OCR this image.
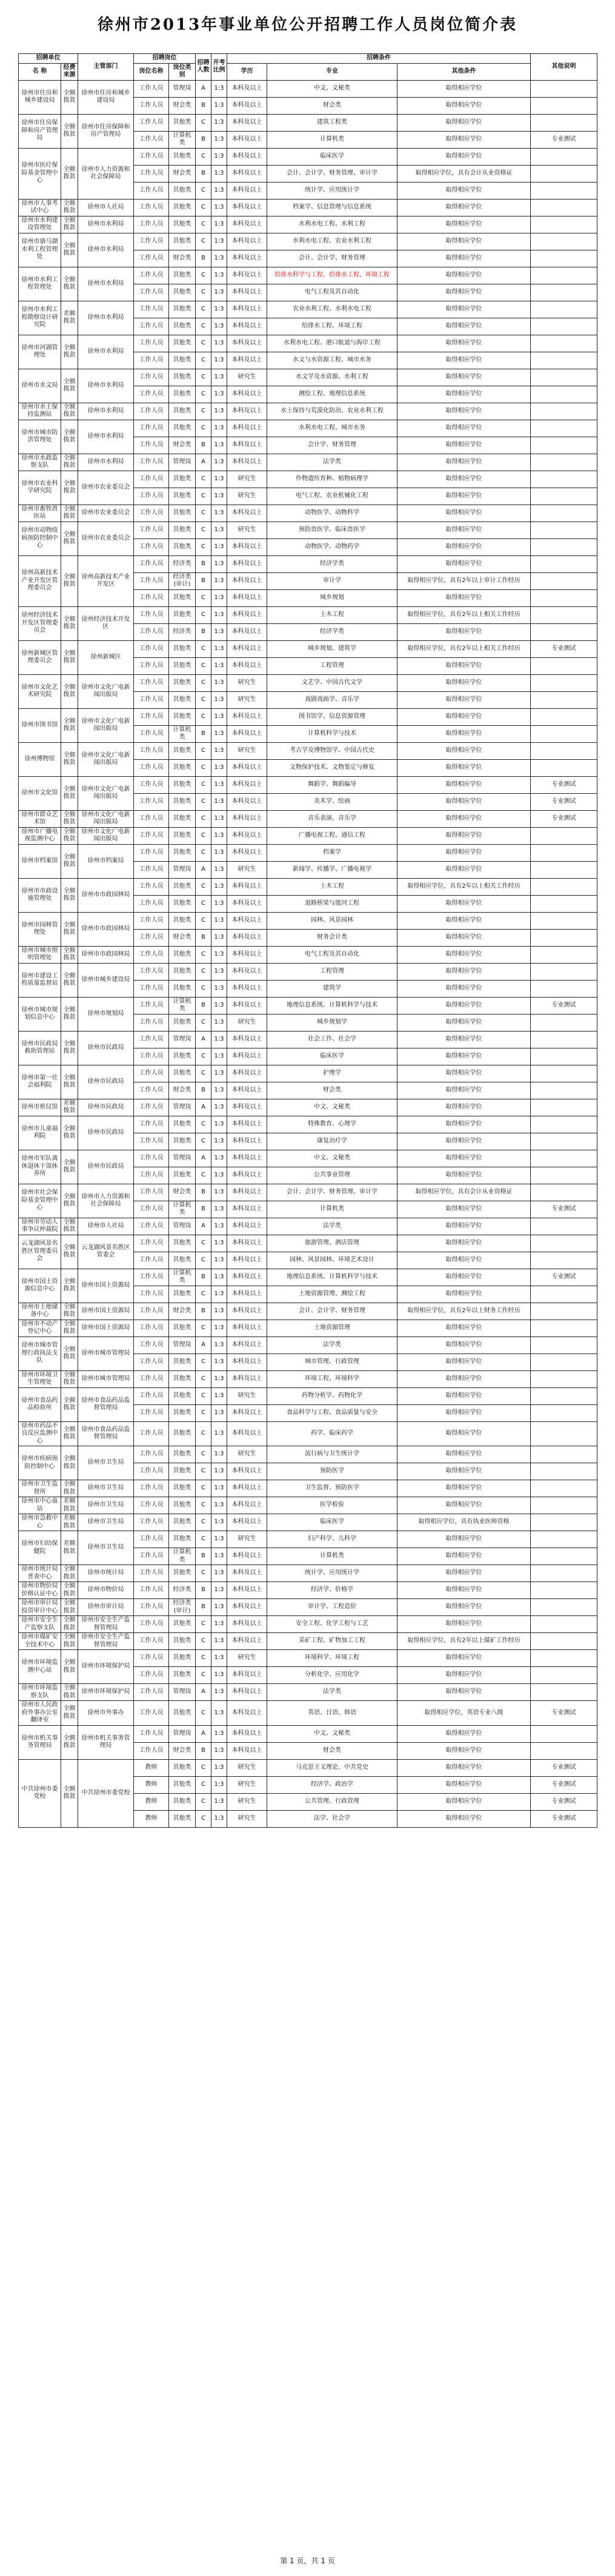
徐州市2013年事业单位公开招聘工作人员岗位简介表
招聘单位		主管部门	招聘岗位		招聘人数	开考比例	招聘条件			其他说明
名 称	经费来源		岗位名称	岗位类别			学历	专业	其他条件	
徐州市住房和城乡建设局	全额拨款	徐州市住房和城乡建设局	工作人员	管理岗	A	1:3	本科及以上	中文、文秘类	取得相应学位	
			工作人员	财会类	B	1:3	本科及以上	财会类	取得相应学位	
徐州市住房保障和房产管理局	全额拨款	徐州市住房保障和房产管理局	工作人员	其他类	C	1:3	本科及以上	建筑工程类	取得相应学位	
			工作人员	计算机类	B	1:3	本科及以上	计算机类	取得相应学位	专业测试
徐州市医疗保险基金管理中心	全额拨款	徐州市人力资源和社会保障局	工作人员	其他类	C	1:3	本科及以上	临床医学	取得相应学位	
			工作人员	财会类	B	1:3	本科及以上	会计、会计学、财务管理、审计学	取得相应学位，具有会计从业资格证	
			工作人员	其他类	C	1:3	本科及以上	统计学、应用统计学	取得相应学位	
徐州市人事考试中心	全额拨款	徐州市人社局	工作人员	其他类	C	1:3	本科及以上	档案学、信息管理与信息系统	取得相应学位	
徐州市水利建设管理处	全额拨款	徐州市水利局	工作人员	其他类	C	1:3	本科及以上	水利水电工程、水利工程	取得相应学位	
徐州市骆马湖水利工程管理处	全额拨款	徐州市水利局	工作人员	其他类	C	1:3	本科及以上	水利水电工程、农业水利工程	取得相应学位	
			工作人员	财会类	B	1:3	本科及以上	会计、会计学、财务管理	取得相应学位	
徐州市水利工程管理处	全额拨款	徐州市水利局	工作人员	其他类	C	1:3	本科及以上	给排水科学与工程、给排水工程、环境工程	取得相应学位	
			工作人员	其他类	C	1:3	本科及以上	电气工程及其自动化	取得相应学位	
徐州市水利工程勘察设计研究院	差额拨款	徐州市水利局	工作人员	其他类	C	1:3	本科及以上	农业水利工程、水利水电工程	取得相应学位	
			工作人员	其他类	C	1:3	本科及以上	给排水工程、环境工程	取得相应学位	
徐州市河湖管理处	全额拨款	徐州市水利局	工作人员	其他类	C	1:3	本科及以上	水利水电工程、港口航道与海岸工程	取得相应学位	
			工作人员	其他类	C	1:3	本科及以上	水文与水资源工程、城市水务	取得相应学位	
徐州市水文局	全额拨款	徐州市水利局	工作人员	其他类	C	1:3	研究生	水文学及水资源、水利工程	取得相应学位	
			工作人员	其他类	C	1:3	本科及以上	测绘工程、地理信息系统	取得相应学位	
徐州市水土保持监测站	全额拨款	徐州市水利局	工作人员	其他类	C	1:3	本科及以上	水土保持与荒漠化防治、农业水利工程	取得相应学位	
徐州市城市防洪管理处	全额拨款	徐州市水利局	工作人员	其他类	C	1:3	本科及以上	水利水电工程、城市水务	取得相应学位	
			工作人员	财会类	B	1:3	本科及以上	会计学、财务管理	取得相应学位	
徐州市水政监察支队	全额拨款	徐州市水利局	工作人员	管理岗	A	1:3	本科及以上	法学类	取得相应学位	
徐州市农业科学研究院	全额拨款	徐州市农业委员会	工作人员	其他类	C	1:3	研究生	作物遗传育种、植物病理学	取得相应学位	
			工作人员	其他类	C	1:3	研究生	电气工程、农业机械化工程	取得相应学位	
徐州市畜牧兽医站	全额拨款	徐州市农业委员会	工作人员	其他类	C	1:3	本科及以上	动物医学、动物科学	取得相应学位	
徐州市动物疫病预防控制中心	全额拨款	徐州市农业委员会	工作人员	其他类	C	1:3	研究生	预防兽医学、临床兽医学	取得相应学位	
			工作人员	其他类	C	1:3	本科及以上	动物医学、动物药学	取得相应学位	
徐州高新技术产业开发区管理委员会	全额拨款	徐州高新技术产业开发区	工作人员	经济类	B	1:3	本科及以上	经济学类	取得相应学位	
			工作人员	经济类(审计)	B	1:3	本科及以上	审计学	取得相应学位，具有2年以上审计工作经历	
			工作人员	其他类	C	1:3	本科及以上	城乡规划	取得相应学位	
徐州经济技术开发区管理委员会	全额拨款	徐州经济技术开发区	工作人员	其他类	C	1:3	本科及以上	土木工程	取得相应学位，具有2年以上相关工作经历	
			工作人员	经济类	B	1:3	本科及以上	经济学类	取得相应学位	
徐州新城区管理委员会	全额拨款	徐州新城区	工作人员	其他类	C	1:3	本科及以上	城乡规划、建筑学	取得相应学位，具有2年以上相关工作经历	专业测试
			工作人员	其他类	C	1:3	本科及以上	工程管理	取得相应学位	
徐州市文化艺术研究院	全额拨款	徐州市文化广电新闻出版局	工作人员	其他类	C	1:3	研究生	文艺学、中国古代文学	取得相应学位	
			工作人员	其他类	C	1:3	研究生	戏剧戏曲学、音乐学	取得相应学位	
徐州市图书馆	全额拨款	徐州市文化广电新闻出版局	工作人员	其他类	C	1:3	本科及以上	图书馆学、信息资源管理	取得相应学位	
			工作人员	计算机类	B	1:3	本科及以上	计算机科学与技术	取得相应学位	
徐州博物馆	全额拨款	徐州市文化广电新闻出版局	工作人员	其他类	C	1:3	研究生	考古学及博物馆学、中国古代史	取得相应学位	
			工作人员	其他类	C	1:3	本科及以上	文物保护技术、文物鉴定与修复	取得相应学位	
徐州市文化馆	全额拨款	徐州市文化广电新闻出版局	工作人员	其他类	C	1:3	本科及以上	舞蹈学、舞蹈编导	取得相应学位	专业测试
			工作人员	其他类	C	1:3	本科及以上	美术学、绘画	取得相应学位	专业测试
徐州市群众艺术馆	全额拨款	徐州市文化广电新闻出版局	工作人员	其他类	C	1:3	本科及以上	音乐表演、音乐学	取得相应学位	专业测试
徐州市广播电视监测中心	全额拨款	徐州市文化广电新闻出版局	工作人员	其他类	C	1:3	本科及以上	广播电视工程、通信工程	取得相应学位	
徐州市档案馆	全额拨款	徐州市档案局	工作人员	其他类	C	1:3	本科及以上	档案学	取得相应学位	
			工作人员	管理岗	A	1:3	研究生	新闻学、传播学、广播电视学	取得相应学位	
徐州市市政设施管理处	全额拨款	徐州市市政园林局	工作人员	其他类	C	1:3	本科及以上	土木工程	取得相应学位，具有2年以上相关工作经历	
			工作人员	其他类	C	1:3	本科及以上	道路桥梁与渡河工程	取得相应学位	
徐州市园林管理处	全额拨款	徐州市市政园林局	工作人员	其他类	C	1:3	本科及以上	园林、风景园林	取得相应学位	
			工作人员	财会类	B	1:3	本科及以上	财务会计类	取得相应学位	
徐州市城市照明管理处	全额拨款	徐州市市政园林局	工作人员	其他类	C	1:3	本科及以上	电气工程及其自动化	取得相应学位	
徐州市建设工程质量监督站	全额拨款	徐州市城乡建设局	工作人员	其他类	C	1:3	本科及以上	工程管理	取得相应学位	
			工作人员	其他类	C	1:3	本科及以上	建筑学	取得相应学位	
徐州市城市规划信息中心	全额拨款	徐州市规划局	工作人员	计算机类	B	1:3	本科及以上	地理信息系统、计算机科学与技术	取得相应学位	专业测试
			工作人员	其他类	C	1:3	研究生	城乡规划学	取得相应学位	
徐州市民政局救助管理站	全额拨款	徐州市民政局	工作人员	管理岗	A	1:3	本科及以上	社会工作、社会学	取得相应学位	
			工作人员	其他类	C	1:3	本科及以上	临床医学	取得相应学位	
徐州市第一社会福利院	全额拨款	徐州市民政局	工作人员	其他类	C	1:3	本科及以上	护理学	取得相应学位	
			工作人员	财会类	B	1:3	本科及以上	财会类	取得相应学位	
徐州市殡仪馆	差额拨款	徐州市民政局	工作人员	管理岗	A	1:3	本科及以上	中文、文秘类	取得相应学位	
徐州市儿童福利院	全额拨款	徐州市民政局	工作人员	其他类	C	1:3	本科及以上	特殊教育、心理学	取得相应学位	
			工作人员	其他类	C	1:3	本科及以上	康复治疗学	取得相应学位	
徐州市军队离休退休干部休养所	全额拨款	徐州市民政局	工作人员	管理岗	A	1:3	本科及以上	中文、文秘类	取得相应学位	
			工作人员	其他类	C	1:3	本科及以上	公共事业管理	取得相应学位	
徐州市社会保险基金管理中心	全额拨款	徐州市人力资源和社会保障局	工作人员	财会类	B	1:3	本科及以上	会计、会计学、财务管理、审计学	取得相应学位，具有会计从业资格证	
			工作人员	计算机类	B	1:3	本科及以上	计算机类	取得相应学位	专业测试
徐州市劳动人事争议仲裁院	全额拨款	徐州市人社局	工作人员	管理岗	A	1:3	本科及以上	法学类	取得相应学位	
云龙湖风景名胜区管理委员会	全额拨款	云龙湖风景名胜区管委会	工作人员	其他类	C	1:3	本科及以上	旅游管理、酒店管理	取得相应学位	
			工作人员	其他类	C	1:3	本科及以上	园林、风景园林、环境艺术设计	取得相应学位	
徐州市国土资源信息中心	全额拨款	徐州市国土资源局	工作人员	计算机类	B	1:3	本科及以上	地理信息系统、计算机科学与技术	取得相应学位	专业测试
			工作人员	其他类	C	1:3	本科及以上	土地资源管理、测绘工程	取得相应学位	
徐州市土地储备中心	全额拨款	徐州市国土资源局	工作人员	财会类	B	1:3	本科及以上	会计、会计学、财务管理	取得相应学位，具有2年以上财务工作经历	
徐州市不动产登记中心	全额拨款	徐州市国土资源局	工作人员	其他类	C	1:3	本科及以上	土地资源管理	取得相应学位	
徐州市城市管理行政执法支队	全额拨款	徐州市城市管理局	工作人员	管理岗	A	1:3	本科及以上	法学类	取得相应学位	
			工作人员	其他类	C	1:3	本科及以上	城市管理、行政管理	取得相应学位	
徐州市环境卫生管理处	全额拨款	徐州市城市管理局	工作人员	其他类	C	1:3	本科及以上	环境工程、环境科学	取得相应学位	
徐州市食品药品检验所	全额拨款	徐州市食品药品监督管理局	工作人员	其他类	C	1:3	研究生	药物分析学、药物化学	取得相应学位	
			工作人员	其他类	C	1:3	本科及以上	食品科学与工程、食品质量与安全	取得相应学位	
徐州市药品不良反应监测中心	全额拨款	徐州市食品药品监督管理局	工作人员	其他类	C	1:3	本科及以上	药学、临床药学	取得相应学位	
徐州市疾病预防控制中心	全额拨款	徐州市卫生局	工作人员	其他类	C	1:3	研究生	流行病与卫生统计学	取得相应学位	
			工作人员	其他类	C	1:3	本科及以上	预防医学	取得相应学位	
徐州市卫生监督所	全额拨款	徐州市卫生局	工作人员	其他类	C	1:3	本科及以上	卫生监督、预防医学	取得相应学位	
徐州市中心血站	差额拨款	徐州市卫生局	工作人员	其他类	C	1:3	本科及以上	医学检验	取得相应学位	
徐州市急救中心	差额拨款	徐州市卫生局	工作人员	其他类	C	1:3	本科及以上	临床医学	取得相应学位，具有执业医师资格	
徐州市妇幼保健院	差额拨款	徐州市卫生局	工作人员	其他类	C	1:3	研究生	妇产科学、儿科学	取得相应学位	
			工作人员	计算机类	B	1:3	本科及以上	计算机类	取得相应学位	
徐州市统计局普查中心	全额拨款	徐州市统计局	工作人员	其他类	C	1:3	本科及以上	统计学、应用统计学	取得相应学位	
徐州市物价局价格认证中心	全额拨款	徐州市物价局	工作人员	经济类	B	1:3	本科及以上	经济学、价格学	取得相应学位	
徐州市审计局投资审计中心	全额拨款	徐州市审计局	工作人员	经济类(审计)	B	1:3	本科及以上	审计学、工程造价	取得相应学位	
徐州市安全生产监察支队	全额拨款	徐州市安全生产监督管理局	工作人员	其他类	C	1:3	本科及以上	安全工程、化学工程与工艺	取得相应学位	
徐州市煤矿安全技术中心	全额拨款	徐州市安全生产监督管理局	工作人员	其他类	C	1:3	本科及以上	采矿工程、矿物加工工程	取得相应学位，具有2年以上煤矿工作经历	
徐州市环境监测中心站	全额拨款	徐州市环境保护局	工作人员	其他类	C	1:3	研究生	环境科学、环境工程	取得相应学位	
			工作人员	其他类	C	1:3	本科及以上	分析化学、应用化学	取得相应学位	
徐州市环境监察支队	全额拨款	徐州市环境保护局	工作人员	管理岗	A	1:3	本科及以上	法学类	取得相应学位	
徐州市人民政府外事办公室翻译室	全额拨款	徐州市外事办	工作人员	其他类	C	1:3	本科及以上	英语、日语、韩语	取得相应学位，英语专业八级	专业测试
徐州市机关事务管理局	全额拨款	徐州市机关事务管理局	工作人员	管理岗	A	1:3	本科及以上	中文、文秘类	取得相应学位	
			工作人员	财会类	B	1:3	本科及以上	财会类	取得相应学位	
中共徐州市委党校	全额拨款	中共徐州市委党校	教师	其他类	C	1:3	研究生	马克思主义理论、中共党史	取得相应学位	专业测试
			教师	其他类	C	1:3	研究生	经济学、政治学	取得相应学位	专业测试
			教师	其他类	C	1:3	研究生	公共管理、行政管理	取得相应学位	专业测试
			教师	其他类	C	1:3	研究生	法学、社会学	取得相应学位	专业测试
第 1 页，共 1 页
